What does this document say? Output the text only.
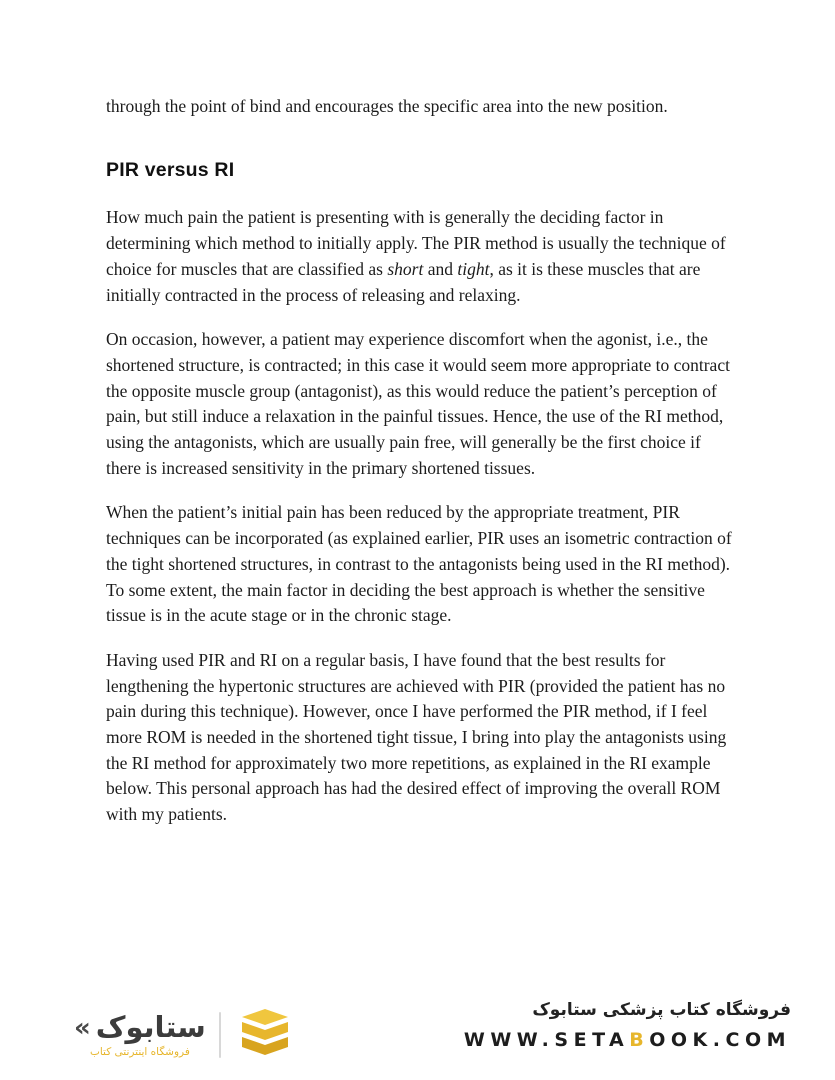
through the point of bind and encourages the specific area into the new position.

PIR versus RI

How much pain the patient is presenting with is generally the deciding factor in determining which method to initially apply. The PIR method is usually the technique of choice for muscles that are classified as short and tight, as it is these muscles that are initially contracted in the process of releasing and relaxing.

On occasion, however, a patient may experience discomfort when the agonist, i.e., the shortened structure, is contracted; in this case it would seem more appropriate to contract the opposite muscle group (antagonist), as this would reduce the patient’s perception of pain, but still induce a relaxation in the painful tissues. Hence, the use of the RI method, using the antagonists, which are usually pain free, will generally be the first choice if there is increased sensitivity in the primary shortened tissues.

When the patient’s initial pain has been reduced by the appropriate treatment, PIR techniques can be incorporated (as explained earlier, PIR uses an isometric contraction of the tight shortened structures, in contrast to the antagonists being used in the RI method). To some extent, the main factor in deciding the best approach is whether the sensitive tissue is in the acute stage or in the chronic stage.

Having used PIR and RI on a regular basis, I have found that the best results for lengthening the hypertonic structures are achieved with PIR (provided the patient has no pain during this technique). However, once I have performed the PIR method, if I feel more ROM is needed in the shortened tight tissue, I bring into play the antagonists using the RI method for approximately two more repetitions, as explained in the RI example below. This personal approach has had the desired effect of improving the overall ROM with my patients.

« ستابوک
فروشگاه اینترنتی کتاب
فروشگاه کتاب پزشکی ستابوک
WWW.SETABOOK.COM
